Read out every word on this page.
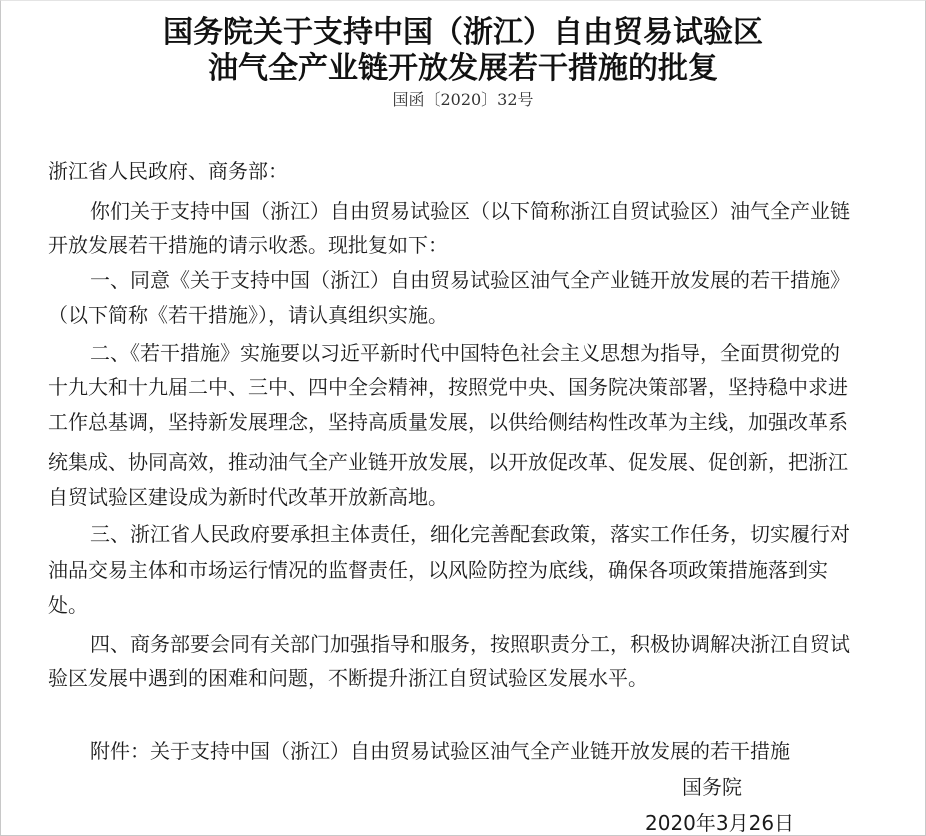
国务院关于支持中国（浙江）自由贸易试验区
油气全产业链开放发展若干措施的批复
国函〔2020〕32号
浙江省人民政府、商务部：
你们关于支持中国（浙江）自由贸易试验区（以下简称浙江自贸试验区）油气全产业链
开放发展若干措施的请示收悉。现批复如下：
一、同意《关于支持中国（浙江）自由贸易试验区油气全产业链开放发展的若干措施》
（以下简称《若干措施》），请认真组织实施。
二、《若干措施》实施要以习近平新时代中国特色社会主义思想为指导，全面贯彻党的
十九大和十九届二中、三中、四中全会精神，按照党中央、国务院决策部署，坚持稳中求进
工作总基调，坚持新发展理念，坚持高质量发展，以供给侧结构性改革为主线，加强改革系
统集成、协同高效，推动油气全产业链开放发展，以开放促改革、促发展、促创新，把浙江
自贸试验区建设成为新时代改革开放新高地。
三、浙江省人民政府要承担主体责任，细化完善配套政策，落实工作任务，切实履行对
油品交易主体和市场运行情况的监督责任，以风险防控为底线，确保各项政策措施落到实
处。
四、商务部要会同有关部门加强指导和服务，按照职责分工，积极协调解决浙江自贸试
验区发展中遇到的困难和问题，不断提升浙江自贸试验区发展水平。
附件：关于支持中国（浙江）自由贸易试验区油气全产业链开放发展的若干措施
国务院
2020年3月26日
